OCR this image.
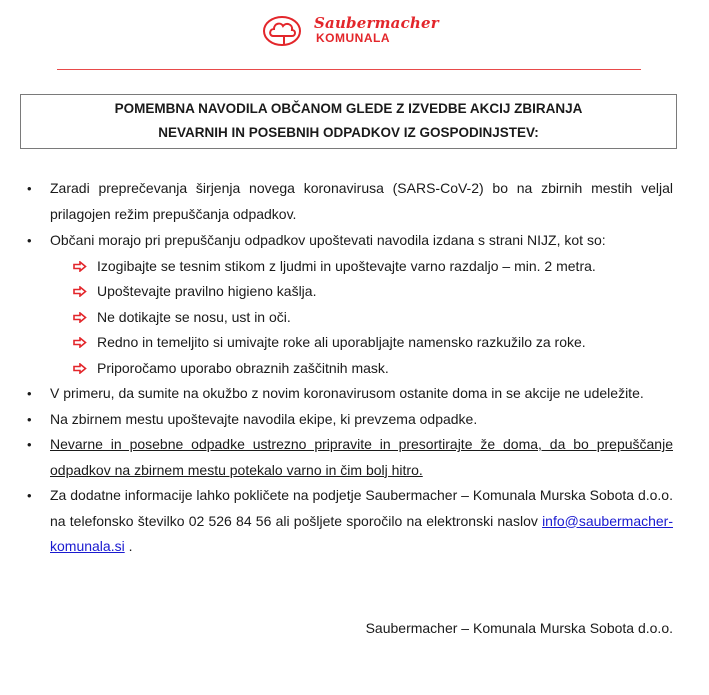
Saubermacher
KOMUNALA
POMEMBNA NAVODILA OBČANOM GLEDE Z IZVEDBE AKCIJ ZBIRANJA
NEVARNIH IN POSEBNIH ODPADKOV IZ GOSPODINJSTEV:
• Zaradi preprečevanja širjenja novega koronavirusa (SARS-CoV-2) bo na zbirnih mestih veljal prilagojen režim prepuščanja odpadkov.
• Občani morajo pri prepuščanju odpadkov upoštevati navodila izdana s strani NIJZ, kot so:
Izogibajte se tesnim stikom z ljudmi in upoštevajte varno razdaljo – min. 2 metra.
Upoštevajte pravilno higieno kašlja.
Ne dotikajte se nosu, ust in oči.
Redno in temeljito si umivajte roke ali uporabljajte namensko razkužilo za roke.
Priporočamo uporabo obraznih zaščitnih mask.
• V primeru, da sumite na okužbo z novim koronavirusom ostanite doma in se akcije ne udeležite.
• Na zbirnem mestu upoštevajte navodila ekipe, ki prevzema odpadke.
• Nevarne in posebne odpadke ustrezno pripravite in presortirajte že doma, da bo prepuščanje odpadkov na zbirnem mestu potekalo varno in čim bolj hitro.
• Za dodatne informacije lahko pokličete na podjetje Saubermacher – Komunala Murska Sobota d.o.o. na telefonsko številko 02 526 84 56 ali pošljete sporočilo na elektronski naslov info@saubermacher-komunala.si .
Saubermacher – Komunala Murska Sobota d.o.o.
